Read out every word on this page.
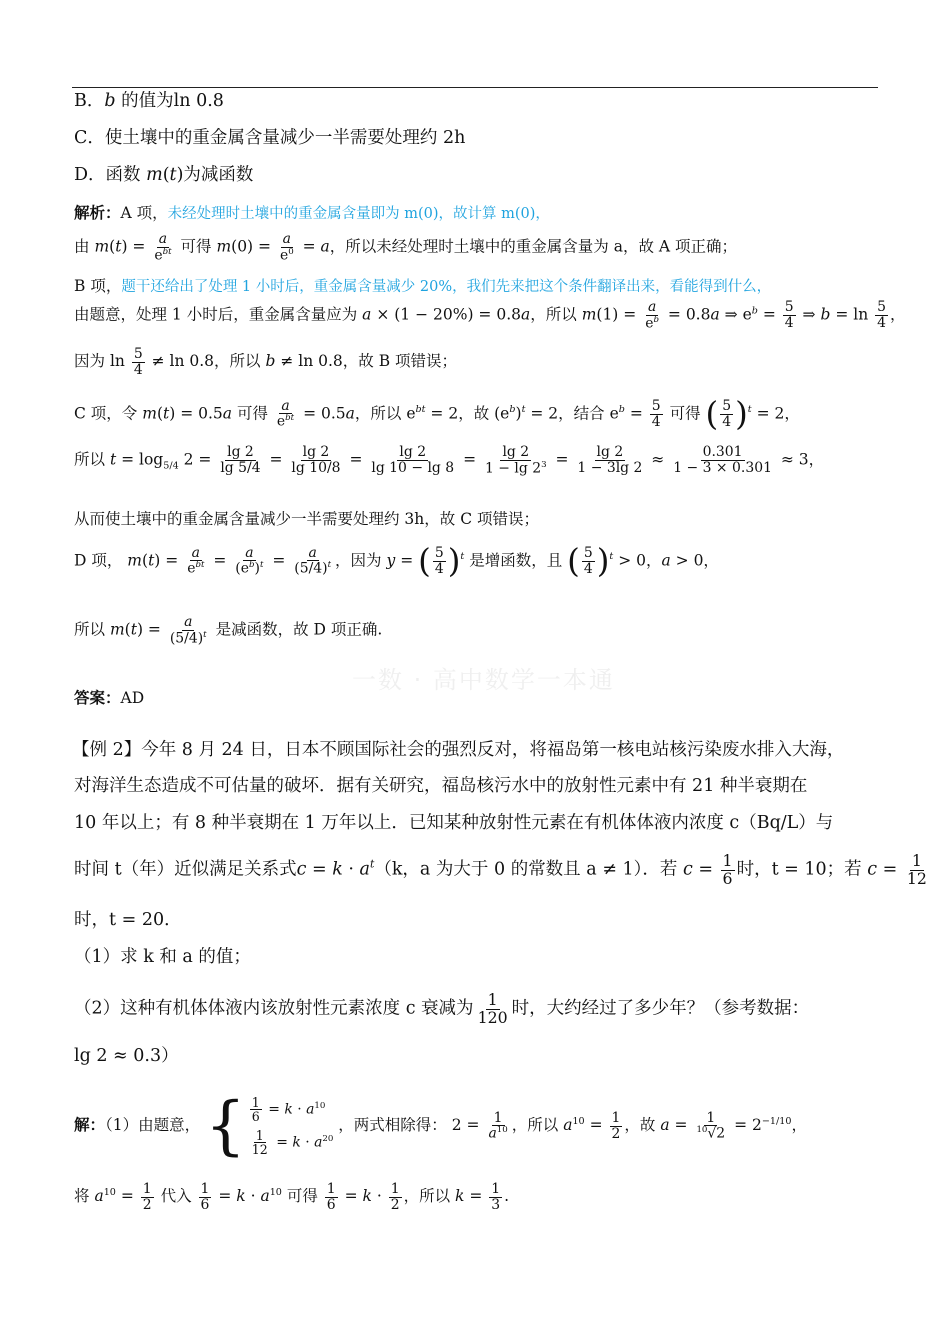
一数 · 高中数学一本通
B．b 的值为ln 0.8
C．使土壤中的重金属含量减少一半需要处理约 2h
D．函数 m(t)为减函数
解析：A 项，未经处理时土壤中的重金属含量即为 m(0)，故计算 m(0)，
由 $m(t) = \frac{a}{e^{bt}}$ 可得 $m(0) = \frac{a}{e^0} = a$，所以未经处理时土壤中的重金属含量为 a，故 A 项正确；
B 项，题干还给出了处理 1 小时后，重金属含量减少 20%，我们先来把这个条件翻译出来，看能得到什么，
由题意，处理 1 小时后，重金属含量应为 a × (1 − 20%) = 0.8a，所以 $m(1) = \frac{a}{e^b} = 0.8a$ ⇒ $e^b = \frac{5}{4}$ ⇒ $b = \ln \frac{5}{4}$ ，
因为 $\ln \frac{5}{4} \ne \ln 0.8$，所以 b ≠ ln 0.8，故 B 项错误；
C 项，令 m(t) = 0.5a 可得 $\frac{a}{e^{bt}} = 0.5a$，所以 $e^{bt} = 2$，故 $(e^b)^t = 2$，结合 $e^b = \frac{5}{4}$ 可得 ( $\frac{5}{4}$ ) $^t$ = 2，
所以 $t = \log_{5/4} 2 = \frac{\lg 2}{\lg 5/4} = \frac{\lg 2}{\lg 10/8} = \frac{\lg 2}{\lg 10 - \lg 8} = \frac{\lg 2}{1 - \lg 2^3} = \frac{\lg 2}{1 - 3\lg 2} \approx \frac{0.301}{1 - 3 \times 0.301} \approx 3$，
从而使土壤中的重金属含量减少一半需要处理约 3h，故 C 项错误；
D 项， $m(t) = \frac{a}{e^{bt}} = \frac{a}{(e^b)^t} = \frac{a}{(5/4)^t}$ ，因为 y = ( $\frac{5}{4}$ ) $^t$ 是增函数，且 ( $\frac{5}{4}$ ) $^t$ > 0，a > 0，
所以 $m(t) = \frac{a}{(5/4)^t}$ 是减函数，故 D 项正确.
答案：AD
【例 2】今年 8 月 24 日，日本不顾国际社会的强烈反对，将福岛第一核电站核污染废水排入大海，
对海洋生态造成不可估量的破坏．据有关研究，福岛核污水中的放射性元素中有 21 种半衰期在
10 年以上；有 8 种半衰期在 1 万年以上．已知某种放射性元素在有机体体液内浓度 c（Bq/L）与
时间 t（年）近似满足关系式$c = k \cdot a^t(k$，a 为大于 0 的常数且 a ≠ 1）．若 $c = \frac{1}{6}$ 时，t = 10；若 $c = \frac{1}{12}$
时，t = 20．
（1）求 k 和 a 的值；
（2）这种有机体体液内该放射性元素浓度 c 衰减为 $\frac{1}{120}$ 时，大约经过了多少年？（参考数据：
lg 2 ≈ 0.3）
解：（1）由题意， { $\frac{1}{6} = k \cdot a^{10}$
$\frac{1}{12} = k \cdot a^{20}$
，两式相除得： $2 = \frac{1}{a^{10}}$ ，所以 $a^{10} = \frac{1}{2}$ ，故 $a = \frac{1}{^{10}√2} = 2^{-1/10}$，
将 $a^{10} = \frac{1}{2}$ 代入 $\frac{1}{6} = k \cdot a^{10}$ 可得 $\frac{1}{6} = k \cdot \frac{1}{2}$ ，所以 $k = \frac{1}{3}$ .
